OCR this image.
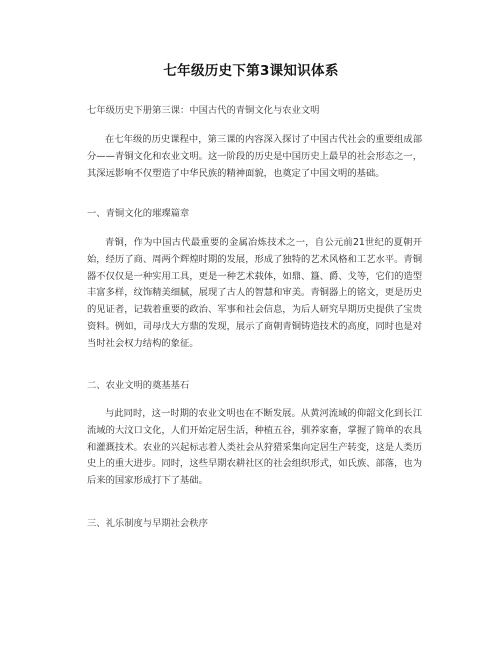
七年级历史下第3课知识体系
七年级历史下册第三课：中国古代的青铜文化与农业文明

在七年级的历史课程中，第三课的内容深入探讨了中国古代社会的重要组成部分——青铜文化和农业文明。这一阶段的历史是中国历史上最早的社会形态之一，其深远影响不仅塑造了中华民族的精神面貌，也奠定了中国文明的基础。

一、青铜文化的璀璨篇章

青铜，作为中国古代最重要的金属冶炼技术之一，自公元前21世纪的夏朝开始，经历了商、周两个辉煌时期的发展，形成了独特的艺术风格和工艺水平。青铜器不仅仅是一种实用工具，更是一种艺术载体，如鼎、簋、爵、戈等，它们的造型丰富多样，纹饰精美细腻，展现了古人的智慧和审美。青铜器上的铭文，更是历史的见证者，记载着重要的政治、军事和社会信息，为后人研究早期历史提供了宝贵资料。例如，司母戊大方鼎的发现，展示了商朝青铜铸造技术的高度，同时也是对当时社会权力结构的象征。

二、农业文明的奠基基石

与此同时，这一时期的农业文明也在不断发展。从黄河流域的仰韶文化到长江流域的大汶口文化，人们开始定居生活，种植五谷，驯养家畜，掌握了简单的农具和灌溉技术。农业的兴起标志着人类社会从狩猎采集向定居生产转变，这是人类历史上的重大进步。同时，这些早期农耕社区的社会组织形式，如氏族、部落，也为后来的国家形成打下了基础。

三、礼乐制度与早期社会秩序
